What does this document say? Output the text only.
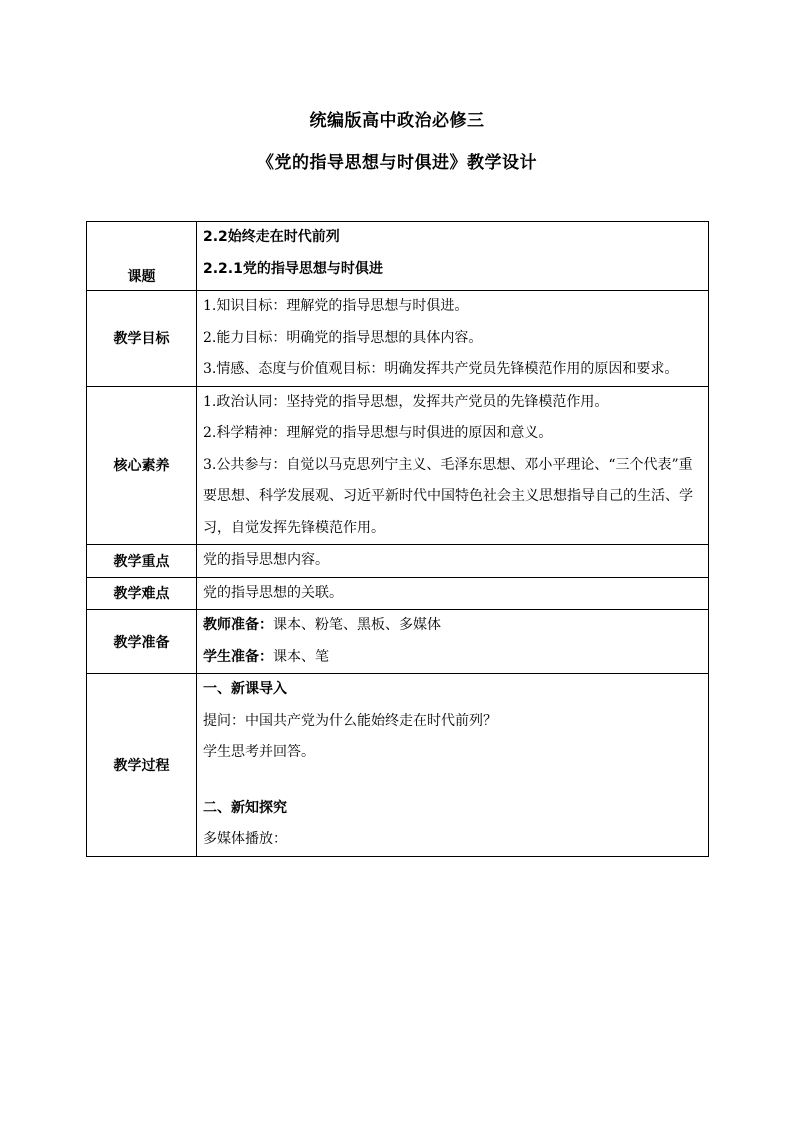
统编版高中政治必修三
《党的指导思想与时俱进》教学设计
课题	2.2始终走在时代前列
2.2.1党的指导思想与时俱进

教学目标	1.知识目标：理解党的指导思想与时俱进。
2.能力目标：明确党的指导思想的具体内容。
3.情感、态度与价值观目标：明确发挥共产党员先锋模范作用的原因和要求。

核心素养	1.政治认同：坚持党的指导思想，发挥共产党员的先锋模范作用。
2.科学精神：理解党的指导思想与时俱进的原因和意义。
3.公共参与：自觉以马克思列宁主义、毛泽东思想、邓小平理论、“三个代表”重要思想、科学发展观、习近平新时代中国特色社会主义思想指导自己的生活、学习，自觉发挥先锋模范作用。

教学重点	党的指导思想内容。

教学难点	党的指导思想的关联。

教学准备	教师准备：课本、粉笔、黑板、多媒体
学生准备：课本、笔

教学过程	一、新课导入
提问：中国共产党为什么能始终走在时代前列？
学生思考并回答。
二、新知探究
多媒体播放：
